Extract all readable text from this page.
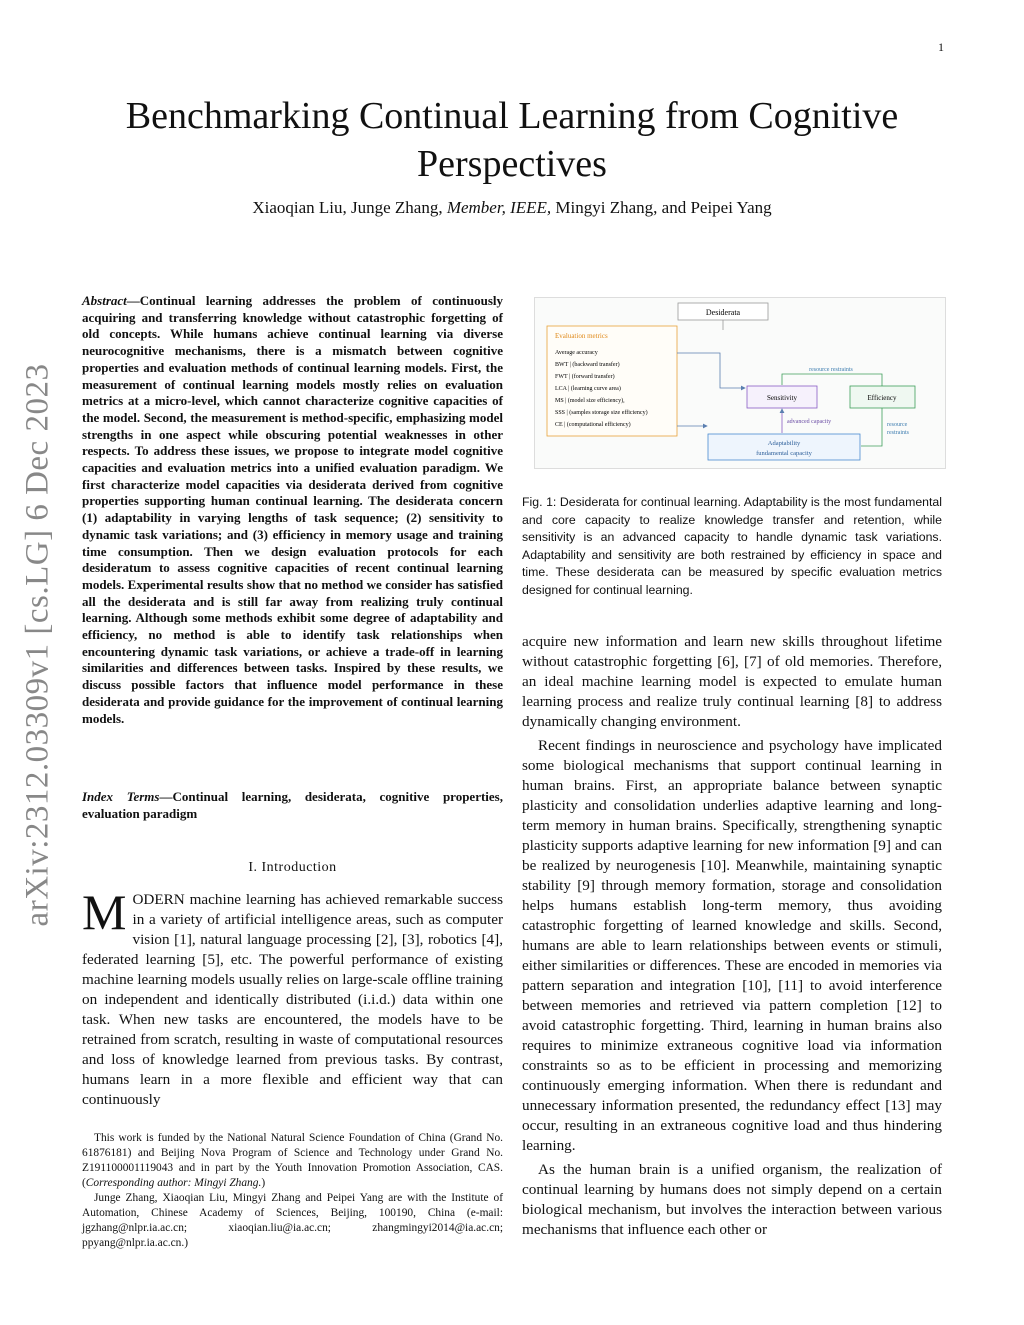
1
arXiv:2312.03309v1 [cs.LG] 6 Dec 2023
Benchmarking Continual Learning from Cognitive Perspectives
Xiaoqian Liu, Junge Zhang, Member, IEEE, Mingyi Zhang, and Peipei Yang
Abstract—Continual learning addresses the problem of continuously acquiring and transferring knowledge without catastrophic forgetting of old concepts. While humans achieve continual learning via diverse neurocognitive mechanisms, there is a mismatch between cognitive properties and evaluation methods of continual learning models. First, the measurement of continual learning models mostly relies on evaluation metrics at a micro-level, which cannot characterize cognitive capacities of the model. Second, the measurement is method-specific, emphasizing model strengths in one aspect while obscuring potential weaknesses in other respects. To address these issues, we propose to integrate model cognitive capacities and evaluation metrics into a unified evaluation paradigm. We first characterize model capacities via desiderata derived from cognitive properties supporting human continual learning. The desiderata concern (1) adaptability in varying lengths of task sequence; (2) sensitivity to dynamic task variations; and (3) efficiency in memory usage and training time consumption. Then we design evaluation protocols for each desideratum to assess cognitive capacities of recent continual learning models. Experimental results show that no method we consider has satisfied all the desiderata and is still far away from realizing truly continual learning. Although some methods exhibit some degree of adaptability and efficiency, no method is able to identify task relationships when encountering dynamic task variations, or achieve a trade-off in learning similarities and differences between tasks. Inspired by these results, we discuss possible factors that influence model performance in these desiderata and provide guidance for the improvement of continual learning models.
Index Terms—Continual learning, desiderata, cognitive properties, evaluation paradigm
I. Introduction
MODERN machine learning has achieved remarkable success in a variety of artificial intelligence areas, such as computer vision [1], natural language processing [2], [3], robotics [4], federated learning [5], etc. The powerful performance of existing machine learning models usually relies on large-scale offline training on independent and identically distributed (i.i.d.) data within one task. When new tasks are encountered, the models have to be retrained from scratch, resulting in waste of computational resources and loss of knowledge learned from previous tasks. By contrast, humans learn in a more flexible and efficient way that can continuously

This work is funded by the National Natural Science Foundation of China (Grand No. 61876181) and Beijing Nova Program of Science and Technology under Grand No. Z191100001119043 and in part by the Youth Innovation Promotion Association, CAS. (Corresponding author: Mingyi Zhang.)

Junge Zhang, Xiaoqian Liu, Mingyi Zhang and Peipei Yang are with the Institute of Automation, Chinese Academy of Sciences, Beijing, 100190, China (e-mail: jgzhang@nlpr.ia.ac.cn; xiaoqian.liu@ia.ac.cn; zhangmingyi2014@ia.ac.cn; ppyang@nlpr.ia.ac.cn.)

Desiderata
Evaluation metrics
Average accuracy
BWT | (backward transfer)
FWT | (forward transfer)
LCA | (learning curve area)
MS | (model size efficiency),
SSS | (samples storage size efficiency)
CE | (computational efficiency)
Sensitivity	Efficiency
resource restraints
Adaptability
fundamental capacity
advanced capacity	resource
restraints
Fig. 1: Desiderata for continual learning. Adaptability is the most fundamental and core capacity to realize knowledge transfer and retention, while sensitivity is an advanced capacity to handle dynamic task variations. Adaptability and sensitivity are both restrained by efficiency in space and time. These desiderata can be measured by specific evaluation metrics designed for continual learning.

acquire new information and learn new skills throughout lifetime without catastrophic forgetting [6], [7] of old memories. Therefore, an ideal machine learning model is expected to emulate human learning process and realize truly continual learning [8] to address dynamically changing environment.

Recent findings in neuroscience and psychology have implicated some biological mechanisms that support continual learning in human brains. First, an appropriate balance between synaptic plasticity and consolidation underlies adaptive learning and long-term memory in human brains. Specifically, strengthening synaptic plasticity supports adaptive learning for new information [9] and can be realized by neurogenesis [10]. Meanwhile, maintaining synaptic stability [9] through memory formation, storage and consolidation helps humans establish long-term memory, thus avoiding catastrophic forgetting of learned knowledge and skills. Second, humans are able to learn relationships between events or stimuli, either similarities or differences. These are encoded in memories via pattern separation and integration [10], [11] to avoid interference between memories and retrieved via pattern completion [12] to avoid catastrophic forgetting. Third, learning in human brains also requires to minimize extraneous cognitive load via information constraints so as to be efficient in processing and memorizing continuously emerging information. When there is redundant and unnecessary information presented, the redundancy effect [13] may occur, resulting in an extraneous cognitive load and thus hindering learning.

As the human brain is a unified organism, the realization of continual learning by humans does not simply depend on a certain biological mechanism, but involves the interaction between various mechanisms that influence each other or
